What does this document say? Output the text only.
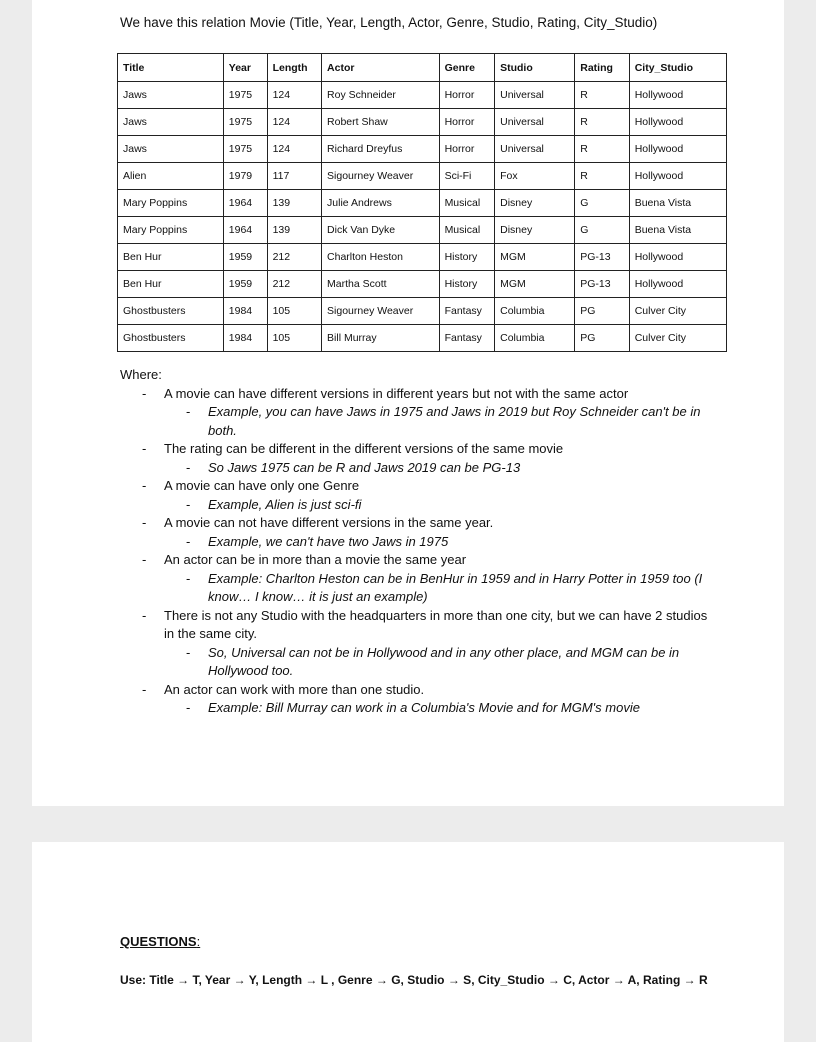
We have this relation Movie (Title, Year, Length, Actor, Genre, Studio, Rating, City_Studio)
Title	Year	Length	Actor	Genre	Studio	Rating	City_Studio
Jaws	1975	124	Roy Schneider	Horror	Universal	R	Hollywood
Jaws	1975	124	Robert Shaw	Horror	Universal	R	Hollywood
Jaws	1975	124	Richard Dreyfus	Horror	Universal	R	Hollywood
Alien	1979	117	Sigourney Weaver	Sci-Fi	Fox	R	Hollywood
Mary Poppins	1964	139	Julie Andrews	Musical	Disney	G	Buena Vista
Mary Poppins	1964	139	Dick Van Dyke	Musical	Disney	G	Buena Vista
Ben Hur	1959	212	Charlton Heston	History	MGM	PG-13	Hollywood
Ben Hur	1959	212	Martha Scott	History	MGM	PG-13	Hollywood
Ghostbusters	1984	105	Sigourney Weaver	Fantasy	Columbia	PG	Culver City
Ghostbusters	1984	105	Bill Murray	Fantasy	Columbia	PG	Culver City
Where:
- A movie can have different versions in different years but not with the same actor
- Example, you can have Jaws in 1975 and Jaws in 2019 but Roy Schneider can't be in both.
- The rating can be different in the different versions of the same movie
- So Jaws 1975 can be R and Jaws 2019 can be PG-13
- A movie can have only one Genre
- Example, Alien is just sci-fi
- A movie can not have different versions in the same year.
- Example, we can't have two Jaws in 1975
- An actor can be in more than a movie the same year
- Example: Charlton Heston can be in BenHur in 1959 and in Harry Potter in 1959 too (I know… I know… it is just an example)
- There is not any Studio with the headquarters in more than one city, but we can have 2 studios in the same city.
- So, Universal can not be in Hollywood and in any other place, and MGM can be in Hollywood too.
- An actor can work with more than one studio.
- Example: Bill Murray can work in a Columbia's Movie and for MGM's movie
QUESTIONS:
Use: Title → T, Year → Y, Length → L , Genre → G, Studio → S, City_Studio → C, Actor → A, Rating → R
